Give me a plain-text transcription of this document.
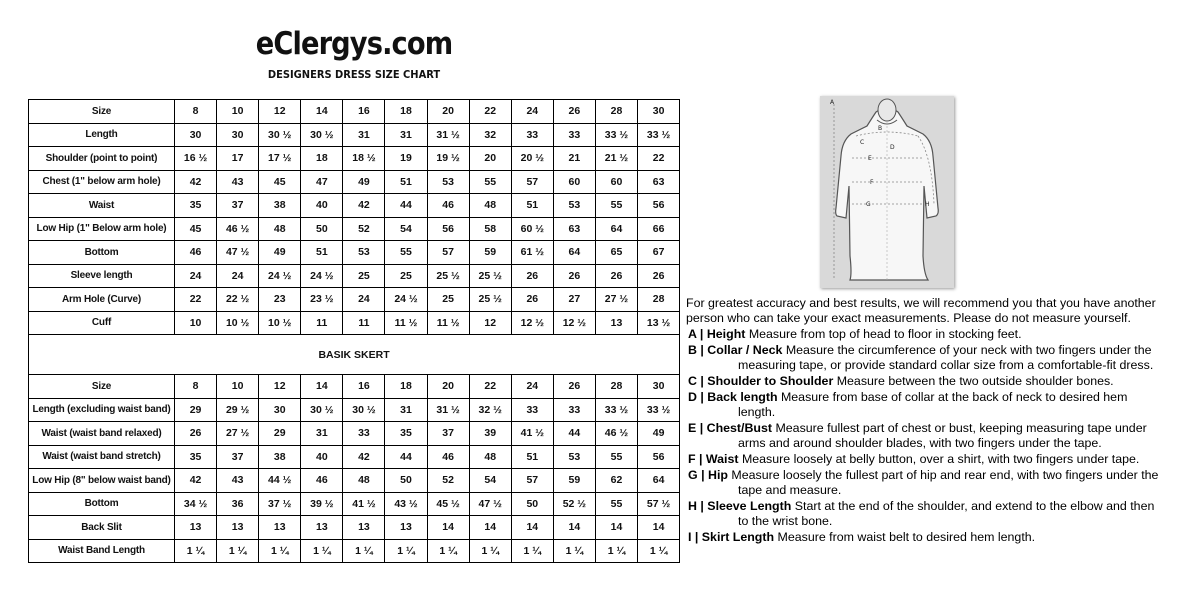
eClergys.com
DESIGNERS DRESS SIZE CHART
Size	8	10	12	14	16	18	20	22	24	26	28	30
Length	30	30	30 ½	30 ½	31	31	31 ½	32	33	33	33 ½	33 ½
Shoulder (point to point)	16 ½	17	17 ½	18	18 ½	19	19 ½	20	20 ½	21	21 ½	22
Chest (1" below arm hole)	42	43	45	47	49	51	53	55	57	60	60	63
Waist	35	37	38	40	42	44	46	48	51	53	55	56
Low Hip (1" Below arm hole)	45	46 ½	48	50	52	54	56	58	60 ½	63	64	66
Bottom	46	47 ½	49	51	53	55	57	59	61 ½	64	65	67
Sleeve length	24	24	24 ½	24 ½	25	25	25 ½	25 ½	26	26	26	26
Arm Hole (Curve)	22	22 ½	23	23 ½	24	24 ½	25	25 ½	26	27	27 ½	28
Cuff	10	10 ½	10 ½	11	11	11 ½	11 ½	12	12 ½	12 ½	13	13 ½
BASIK SKERT												
Size	8	10	12	14	16	18	20	22	24	26	28	30
Length (excluding waist band)	29	29 ½	30	30 ½	30 ½	31	31 ½	32 ½	33	33	33 ½	33 ½
Waist (waist band relaxed)	26	27 ½	29	31	33	35	37	39	41 ½	44	46 ½	49
Waist (waist band stretch)	35	37	38	40	42	44	46	48	51	53	55	56
Low Hip (8" below waist band)	42	43	44 ½	46	48	50	52	54	57	59	62	64
Bottom	34 ½	36	37 ½	39 ½	41 ½	43 ½	45 ½	47 ½	50	52 ½	55	57 ½
Back Slit	13	13	13	13	13	13	14	14	14	14	14	14
Waist Band Length	1 ¼	1 ¼	1 ¼	1 ¼	1 ¼	1 ¼	1 ¼	1 ¼	1 ¼	1 ¼	1 ¼	1 ¼
A
B
C
D
E
F
G	H

For greatest accuracy and best results, we will recommend you that you have another person who can take your exact measurements. Please do not measure yourself.

A | Height Measure from top of head to floor in stocking feet.

B | Collar / Neck Measure the circumference of your neck with two fingers under the measuring tape, or provide standard collar size from a comfortable-fit dress.

C | Shoulder to Shoulder Measure between the two outside shoulder bones.

D | Back length Measure from base of collar at the back of neck to desired hem length.

E | Chest/Bust Measure fullest part of chest or bust, keeping measuring tape under arms and around shoulder blades, with two fingers under the tape.

F | Waist Measure loosely at belly button, over a shirt, with two fingers under tape.

G | Hip Measure loosely the fullest part of hip and rear end, with two fingers under the tape and measure.

H | Sleeve Length Start at the end of the shoulder, and extend to the elbow and then to the wrist bone.

I | Skirt Length Measure from waist belt to desired hem length.
